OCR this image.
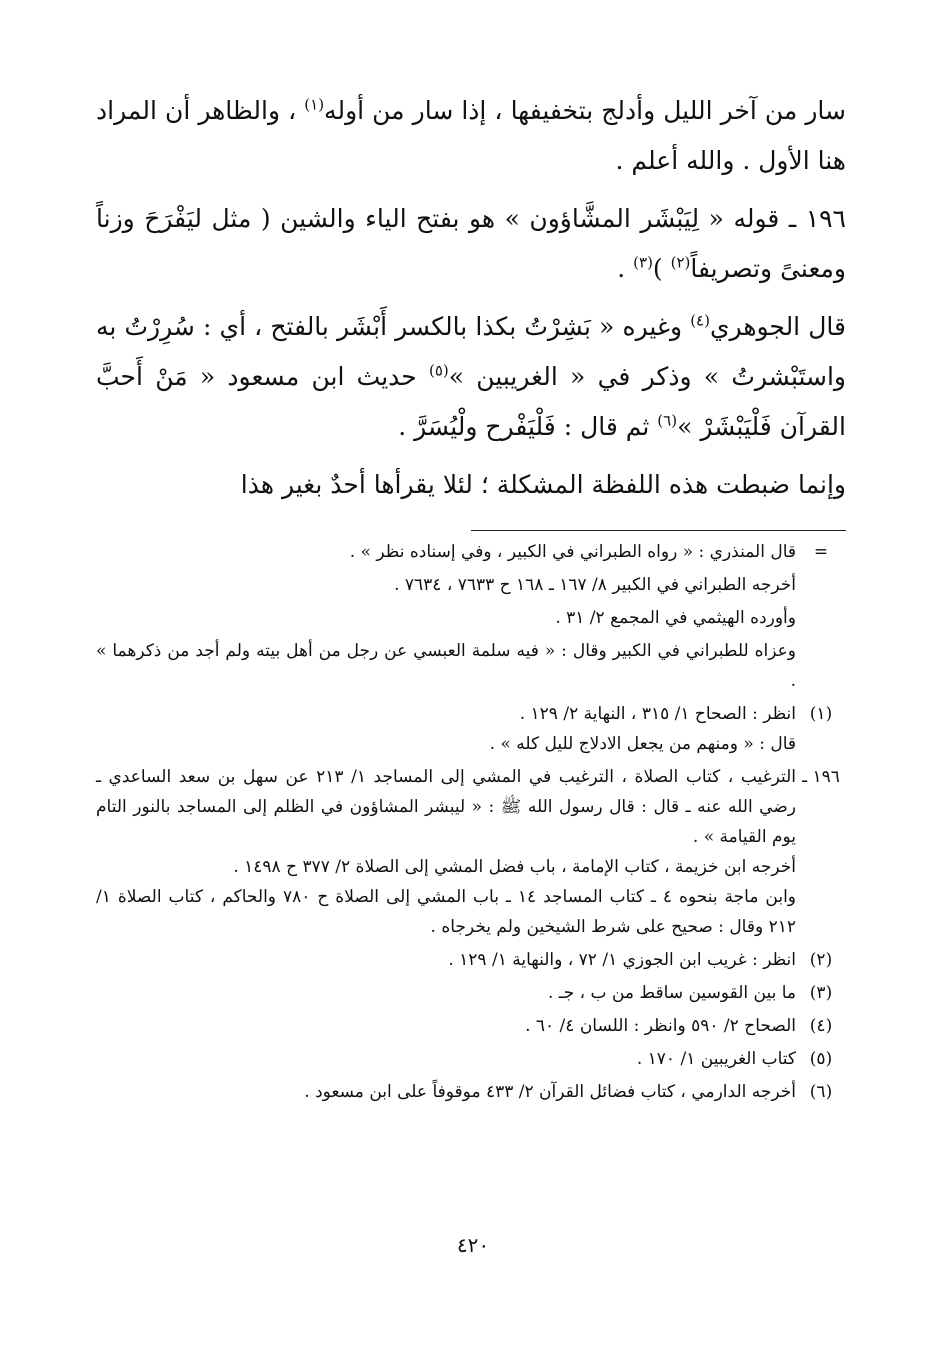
سار من آخر الليل وأدلج بتخفيفها ، إذا سار من أوله$^{(١)}$ ، والظاهر أن المراد هنا الأول . والله أعلم .

١٩٦ ـ قوله « لِيَبْشَر المشَّاؤون » هو بفتح الياء والشين ( مثل ليَفْرَحَ وزناً ومعنىً وتصريفاً$^{(٢)}$ )$^{(٣)}$ .

قال الجوهري$^{(٤)}$ وغيره « بَشِرْتُ بكذا بالكسر أَبْشَر بالفتح ، أي : سُرِرْتُ به واستَبْشرتُ » وذكر في « الغريبين »$^{(٥)}$ حديث ابن مسعود « مَنْ أَحبَّ القرآن فَلْيَبْشَرْ »$^{(٦)}$ ثم قال : فَلْيَفْرح ولْيُسَرَّ .

وإنما ضبطت هذه اللفظة المشكلة ؛ لئلا يقرأها أحدٌ بغير هذا

=
قال المنذري : « رواه الطبراني في الكبير ، وفي إسناده نظر » .
أخرجه الطبراني في الكبير ٨/ ١٦٧ ـ ١٦٨ ح ٧٦٣٣ ، ٧٦٣٤ .
وأورده الهيثمي في المجمع ٢/ ٣١ .
وعزاه للطبراني في الكبير وقال : « فيه سلمة العبسي عن رجل من أهل بيته ولم أجد من ذكرهما » .
(١)
انظر : الصحاح ١/ ٣١٥ ، النهاية ٢/ ١٢٩ .
قال : « ومنهم من يجعل الادلاج لليل كله » .
١٩٦ ـ
الترغيب ، كتاب الصلاة ، الترغيب في المشي إلى المساجد ١/ ٢١٣ عن سهل بن سعد الساعدي ـ رضي الله عنه ـ قال : قال رسول الله ﷺ : « ليبشر المشاؤون في الظلم إلى المساجد بالنور التام يوم القيامة » .
أخرجه ابن خزيمة ، كتاب الإمامة ، باب فضل المشي إلى الصلاة ٢/ ٣٧٧ ح ١٤٩٨ .
وابن ماجة بنحوه ٤ ـ كتاب المساجد ١٤ ـ باب المشي إلى الصلاة ح ٧٨٠ والحاكم ، كتاب الصلاة ١/ ٢١٢ وقال : صحيح على شرط الشيخين ولم يخرجاه .
(٢)
انظر : غريب ابن الجوزي ١/ ٧٢ ، والنهاية ١/ ١٢٩ .
(٣)
ما بين القوسين ساقط من ب ، جـ .
(٤)
الصحاح ٢/ ٥٩٠ وانظر : اللسان ٤/ ٦٠ .
(٥)
كتاب الغريبين ١/ ١٧٠ .
(٦)
أخرجه الدارمي ، كتاب فضائل القرآن ٢/ ٤٣٣ موقوفاً على ابن مسعود .
٤٢٠
